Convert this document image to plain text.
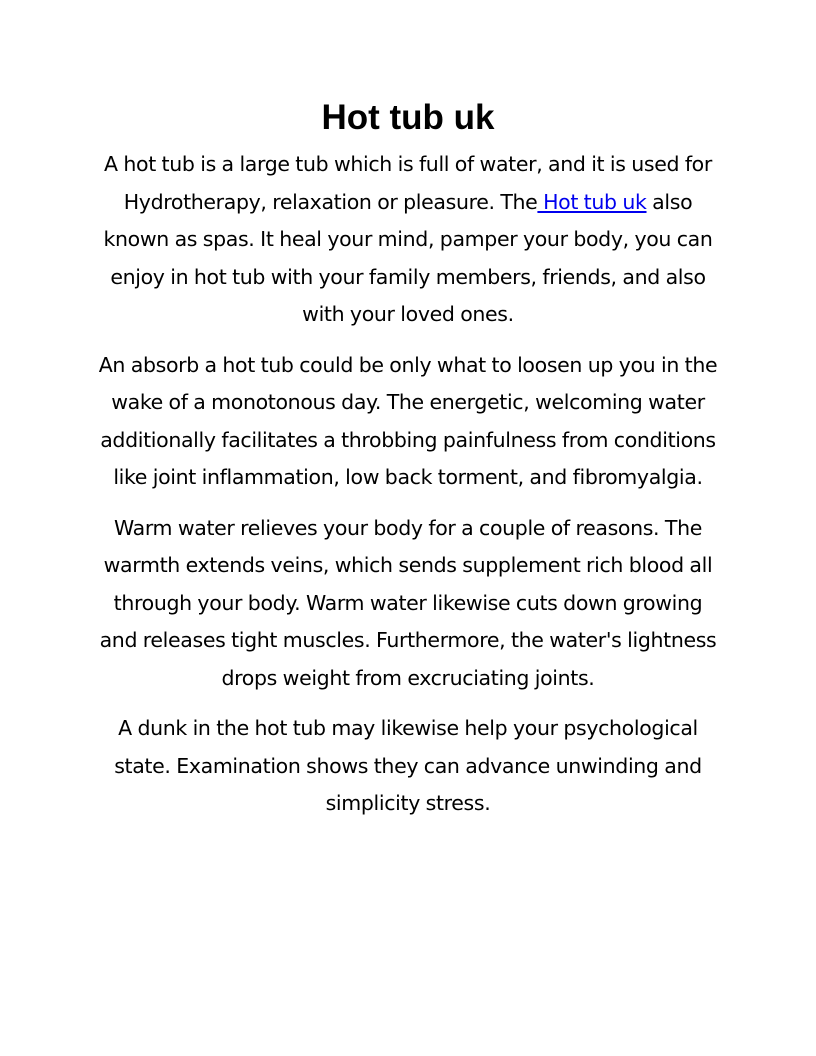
Hot tub uk

A hot tub is a large tub which is full of water, and it is used for Hydrotherapy, relaxation or pleasure. The Hot tub uk also known as spas. It heal your mind, pamper your body, you can enjoy in hot tub with your family members, friends, and also with your loved ones.

An absorb a hot tub could be only what to loosen up you in the wake of a monotonous day. The energetic, welcoming water additionally facilitates a throbbing painfulness from conditions like joint inflammation, low back torment, and fibromyalgia.

Warm water relieves your body for a couple of reasons. The warmth extends veins, which sends supplement rich blood all through your body. Warm water likewise cuts down growing and releases tight muscles. Furthermore, the water's lightness drops weight from excruciating joints.

A dunk in the hot tub may likewise help your psychological state. Examination shows they can advance unwinding and simplicity stress.
